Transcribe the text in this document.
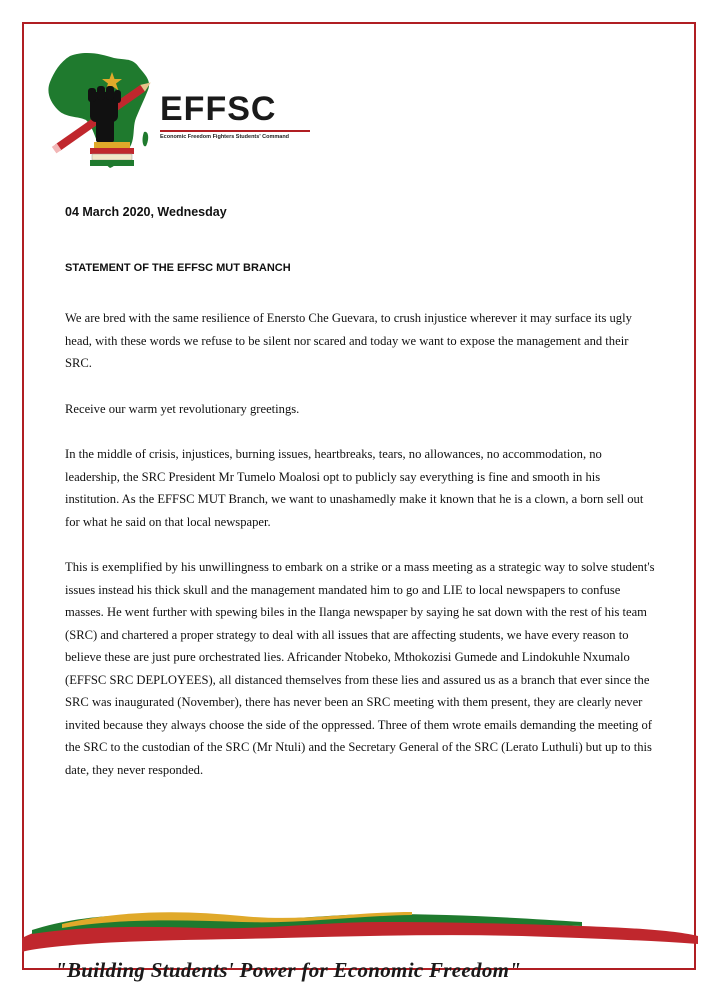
EFFSC
Economic Freedom Fighters Students' Command
04 March 2020, Wednesday
STATEMENT OF THE EFFSC MUT BRANCH

We are bred with the same resilience of Enersto Che Guevara, to crush injustice wherever it may surface its ugly head, with these words we refuse to be silent nor scared and today we want to expose the management and their SRC.

Receive our warm yet revolutionary greetings.

In the middle of crisis, injustices, burning issues, heartbreaks, tears, no allowances, no accommodation, no leadership, the SRC President Mr Tumelo Moalosi opt to publicly say everything is fine and smooth in his institution. As the EFFSC MUT Branch, we want to unashamedly make it known that he is a clown, a born sell out for what he said on that local newspaper.

This is exemplified by his unwillingness to embark on a strike or a mass meeting as a strategic way to solve student's issues instead his thick skull and the management mandated him to go and LIE to local newspapers to confuse masses. He went further with spewing biles in the Ilanga newspaper by saying he sat down with the rest of his team (SRC) and chartered a proper strategy to deal with all issues that are affecting students, we have every reason to believe these are just pure orchestrated lies. Africander Ntobeko, Mthokozisi Gumede and Lindokuhle Nxumalo (EFFSC SRC DEPLOYEES), all distanced themselves from these lies and assured us as a branch that ever since the SRC was inaugurated (November), there has never been an SRC meeting with them present, they are clearly never invited because they always choose the side of the oppressed. Three of them wrote emails demanding the meeting of the SRC to the custodian of the SRC (Mr Ntuli) and the Secretary General of the SRC (Lerato Luthuli) but up to this date, they never responded.

"Building Students' Power for Economic Freedom"
